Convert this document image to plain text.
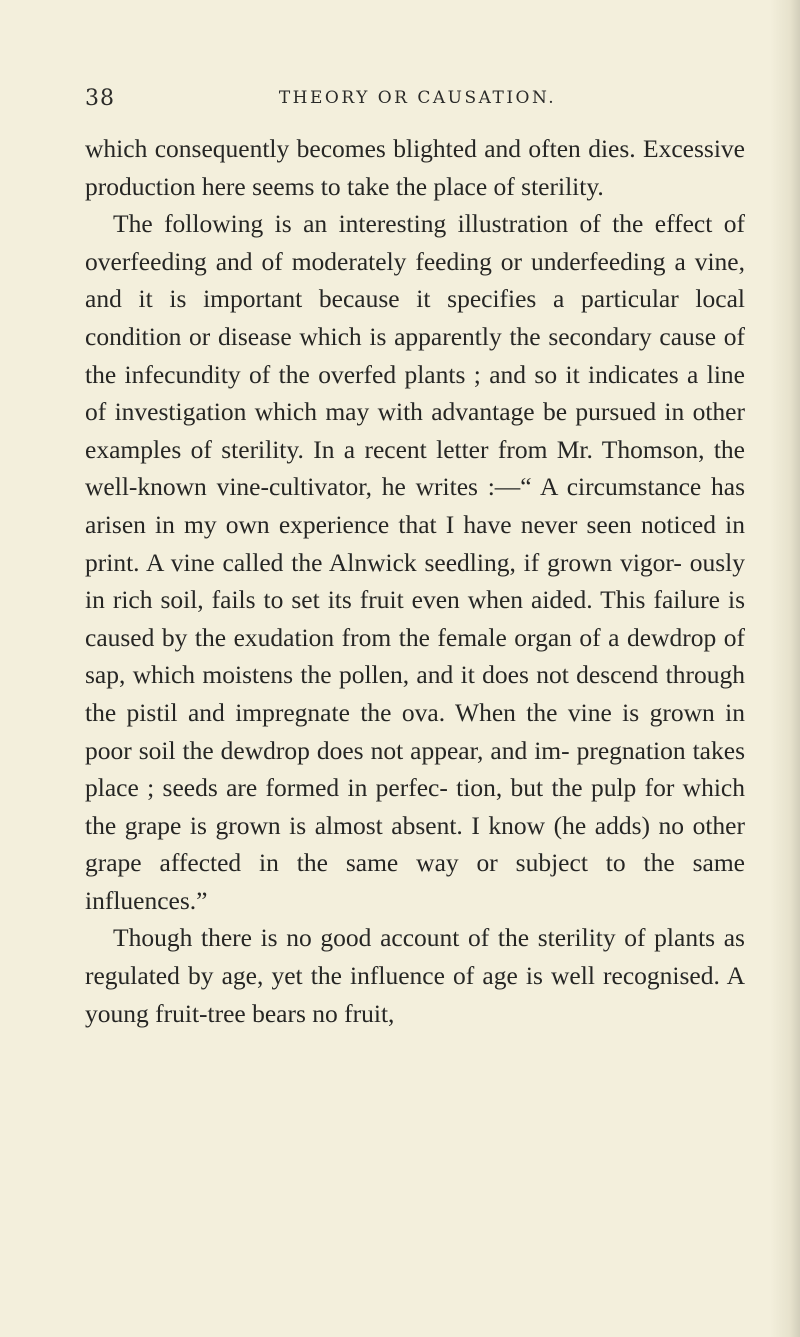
38	THEORY OR CAUSATION.

which consequently becomes blighted and often dies. Excessive production here seems to take the place of sterility.

The following is an interesting illustration of the effect of overfeeding and of moderately feeding or underfeeding a vine, and it is important because it specifies a particular local condition or disease which is apparently the secondary cause of the infecundity of the overfed plants ; and so it indicates a line of investigation which may with advantage be pursued in other examples of sterility. In a recent letter from Mr. Thomson, the well-known vine-cultivator, he writes :—“ A circumstance has arisen in my own experience that I have never seen noticed in print. A vine called the Alnwick seedling, if grown vigor- ously in rich soil, fails to set its fruit even when aided. This failure is caused by the exudation from the female organ of a dewdrop of sap, which moistens the pollen, and it does not descend through the pistil and impregnate the ova. When the vine is grown in poor soil the dewdrop does not appear, and im- pregnation takes place ; seeds are formed in perfec- tion, but the pulp for which the grape is grown is almost absent. I know (he adds) no other grape affected in the same way or subject to the same influences.”

Though there is no good account of the sterility of plants as regulated by age, yet the influence of age is well recognised. A young fruit-tree bears no fruit,
